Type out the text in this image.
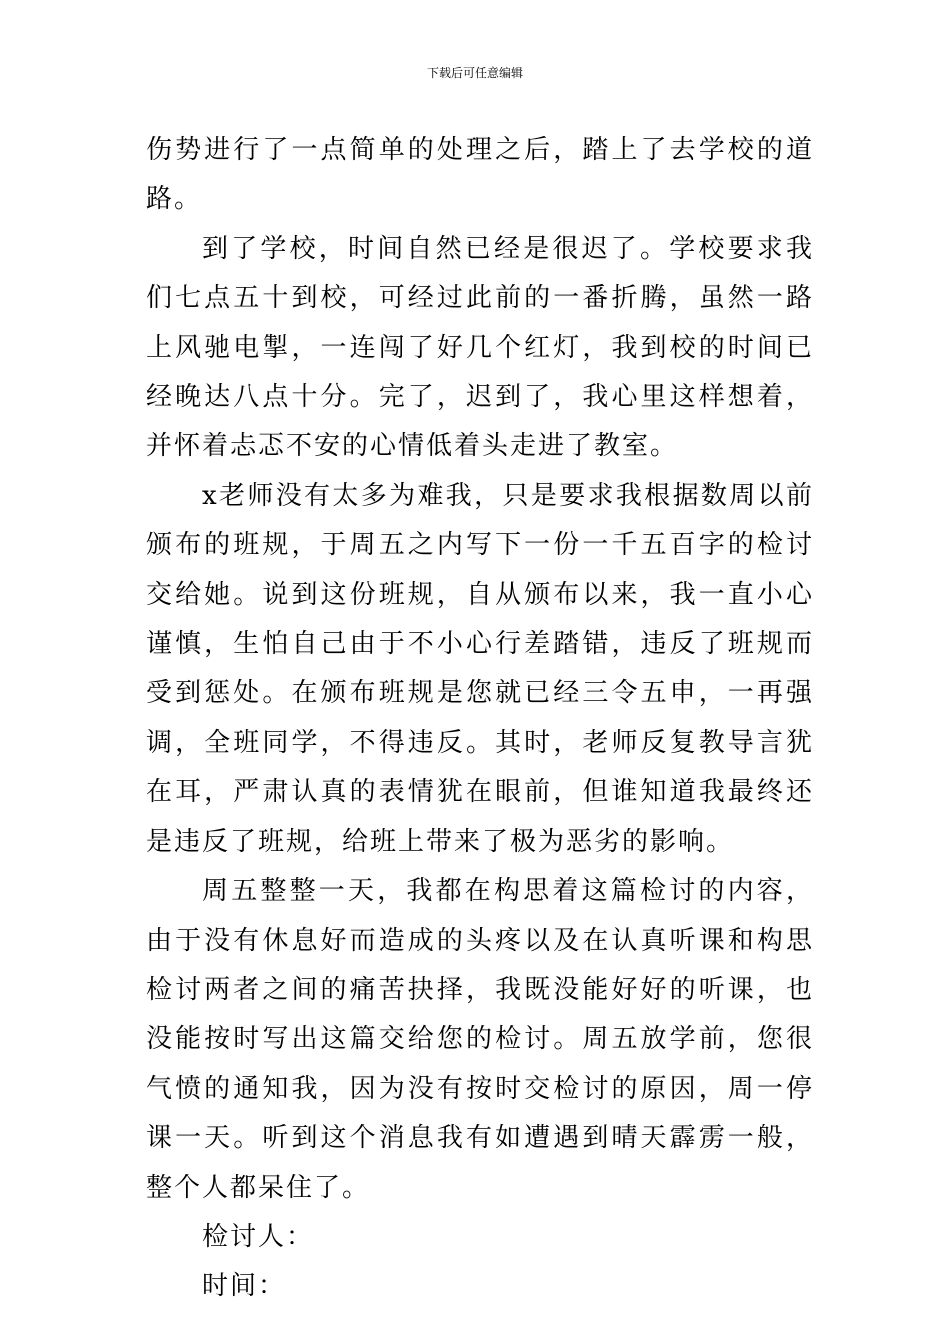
下载后可任意编辑

伤势进行了一点简单的处理之后，踏上了去学校的道路。

到了学校，时间自然已经是很迟了。学校要求我们七点五十到校，可经过此前的一番折腾，虽然一路上风驰电掣，一连闯了好几个红灯，我到校的时间已经晚达八点十分。完了，迟到了，我心里这样想着，并怀着忐忑不安的心情低着头走进了教室。

x老师没有太多为难我，只是要求我根据数周以前颁布的班规，于周五之内写下一份一千五百字的检讨交给她。说到这份班规，自从颁布以来，我一直小心谨慎，生怕自己由于不小心行差踏错，违反了班规而受到惩处。在颁布班规是您就已经三令五申，一再强调，全班同学，不得违反。其时，老师反复教导言犹在耳，严肃认真的表情犹在眼前，但谁知道我最终还是违反了班规，给班上带来了极为恶劣的影响。

周五整整一天，我都在构思着这篇检讨的内容，由于没有休息好而造成的头疼以及在认真听课和构思检讨两者之间的痛苦抉择，我既没能好好的听课，也没能按时写出这篇交给您的检讨。周五放学前，您很气愤的通知我，因为没有按时交检讨的原因，周一停课一天。听到这个消息我有如遭遇到晴天霹雳一般，整个人都呆住了。

检讨人：

时间：
